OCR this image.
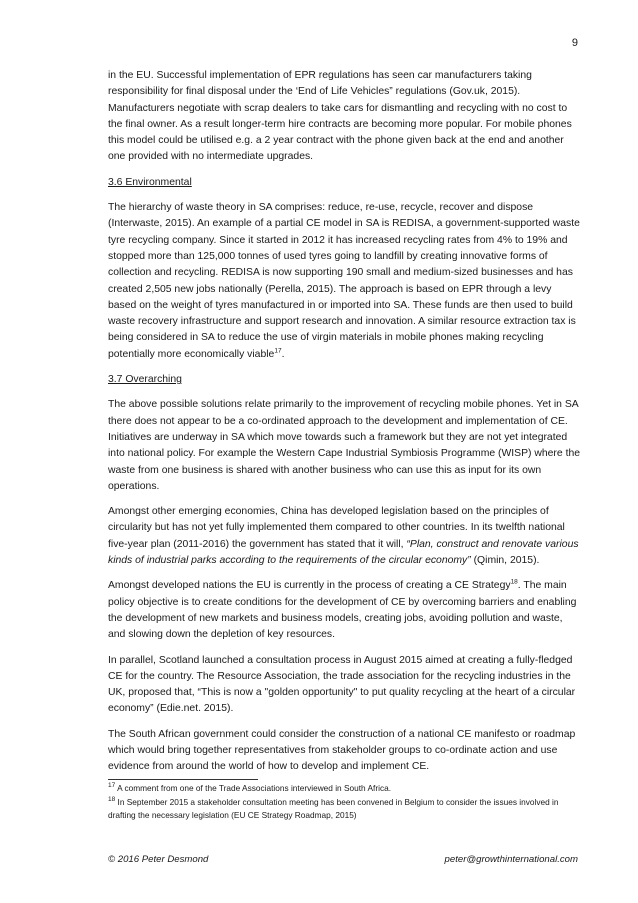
9

in the EU. Successful implementation of EPR regulations has seen car manufacturers taking responsibility for final disposal under the ‘End of Life Vehicles” regulations (Gov.uk, 2015). Manufacturers negotiate with scrap dealers to take cars for dismantling and recycling with no cost to the final owner. As a result longer-term hire contracts are becoming more popular. For mobile phones this model could be utilised e.g. a 2 year contract with the phone given back at the end and another one provided with no intermediate upgrades.

3.6 Environmental

The hierarchy of waste theory in SA comprises: reduce, re-use, recycle, recover and dispose (Interwaste, 2015). An example of a partial CE model in SA is REDISA, a government-supported waste tyre recycling company. Since it started in 2012 it has increased recycling rates from 4% to 19% and stopped more than 125,000 tonnes of used tyres going to landfill by creating innovative forms of collection and recycling. REDISA is now supporting 190 small and medium-sized businesses and has created 2,505 new jobs nationally (Perella, 2015). The approach is based on EPR through a levy based on the weight of tyres manufactured in or imported into SA. These funds are then used to build waste recovery infrastructure and support research and innovation. A similar resource extraction tax is being considered in SA to reduce the use of virgin materials in mobile phones making recycling potentially more economically viable$^{17}$.

3.7 Overarching

The above possible solutions relate primarily to the improvement of recycling mobile phones. Yet in SA there does not appear to be a co-ordinated approach to the development and implementation of CE. Initiatives are underway in SA which move towards such a framework but they are not yet integrated into national policy. For example the Western Cape Industrial Symbiosis Programme (WISP) where the waste from one business is shared with another business who can use this as input for its own operations.

Amongst other emerging economies, China has developed legislation based on the principles of circularity but has not yet fully implemented them compared to other countries. In its twelfth national five-year plan (2011-2016) the government has stated that it will, “Plan, construct and renovate various kinds of industrial parks according to the requirements of the circular economy” (Qimin, 2015).

Amongst developed nations the EU is currently in the process of creating a CE Strategy$^{18}$. The main policy objective is to create conditions for the development of CE by overcoming barriers and enabling the development of new markets and business models, creating jobs, avoiding pollution and waste, and slowing down the depletion of key resources.

In parallel, Scotland launched a consultation process in August 2015 aimed at creating a fully-fledged CE for the country. The Resource Association, the trade association for the recycling industries in the UK, proposed that, “This is now a "golden opportunity" to put quality recycling at the heart of a circular economy” (Edie.net. 2015).

The South African government could consider the construction of a national CE manifesto or roadmap which would bring together representatives from stakeholder groups to co-ordinate action and use evidence from around the world of how to develop and implement CE.

$^{17}$ A comment from one of the Trade Associations interviewed in South Africa.

$^{18}$ In September 2015 a stakeholder consultation meeting has been convened in Belgium to consider the issues involved in drafting the necessary legislation (EU CE Strategy Roadmap, 2015)

© 2016 Peter Desmond	peter@growthinternational.com
